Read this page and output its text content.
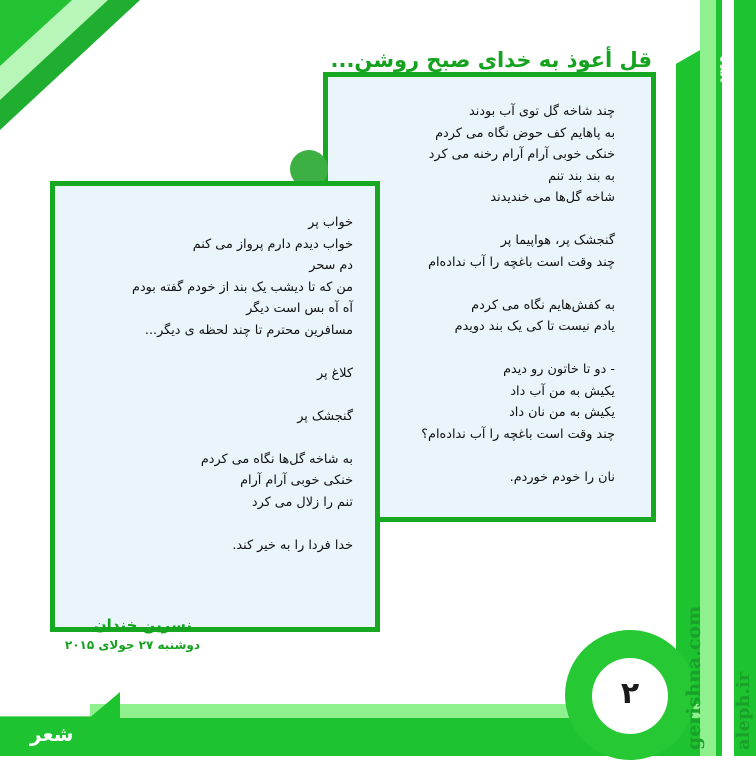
۲۴۵
شعر
۲	gerishna.com aleph.ir
قل أعوذ به خدای صبح روشن...
چند شاخه گل توی آب بودند
به پاهایم کف حوض نگاه می کردم
خنکی خوبی آرام آرام رخنه می کرد
به بند بند تنم
شاخه گل‌ها می خندیدند

گنجشک پر، هواپیما پر
چند وقت است باغچه را آب نداده‌ام

به کفش‌هایم نگاه می کردم
یادم نیست تا کی یک بند دویدم

- دو تا خاتون رو دیدم
یکیش به من آب داد
یکیش به من نان داد
چند وقت است باغچه را آب نداده‌ام؟

نان را خودم خوردم.
خواب پر
خواب دیدم دارم پرواز می کنم
دم سحر
من که تا دیشب یک بند از خودم گفته بودم
آه آه بس است دیگر
مسافرین محترم تا چند لحظه ی دیگر...

کلاغ پر

گنجشک پر

به شاخه گل‌ها نگاه می کردم
خنکی خوبی آرام آرام
تنم را زلال می کرد

خدا فردا را به خیر کند.
نسرین خندان
دوشنبه ۲۷ جولای ۲۰۱۵
